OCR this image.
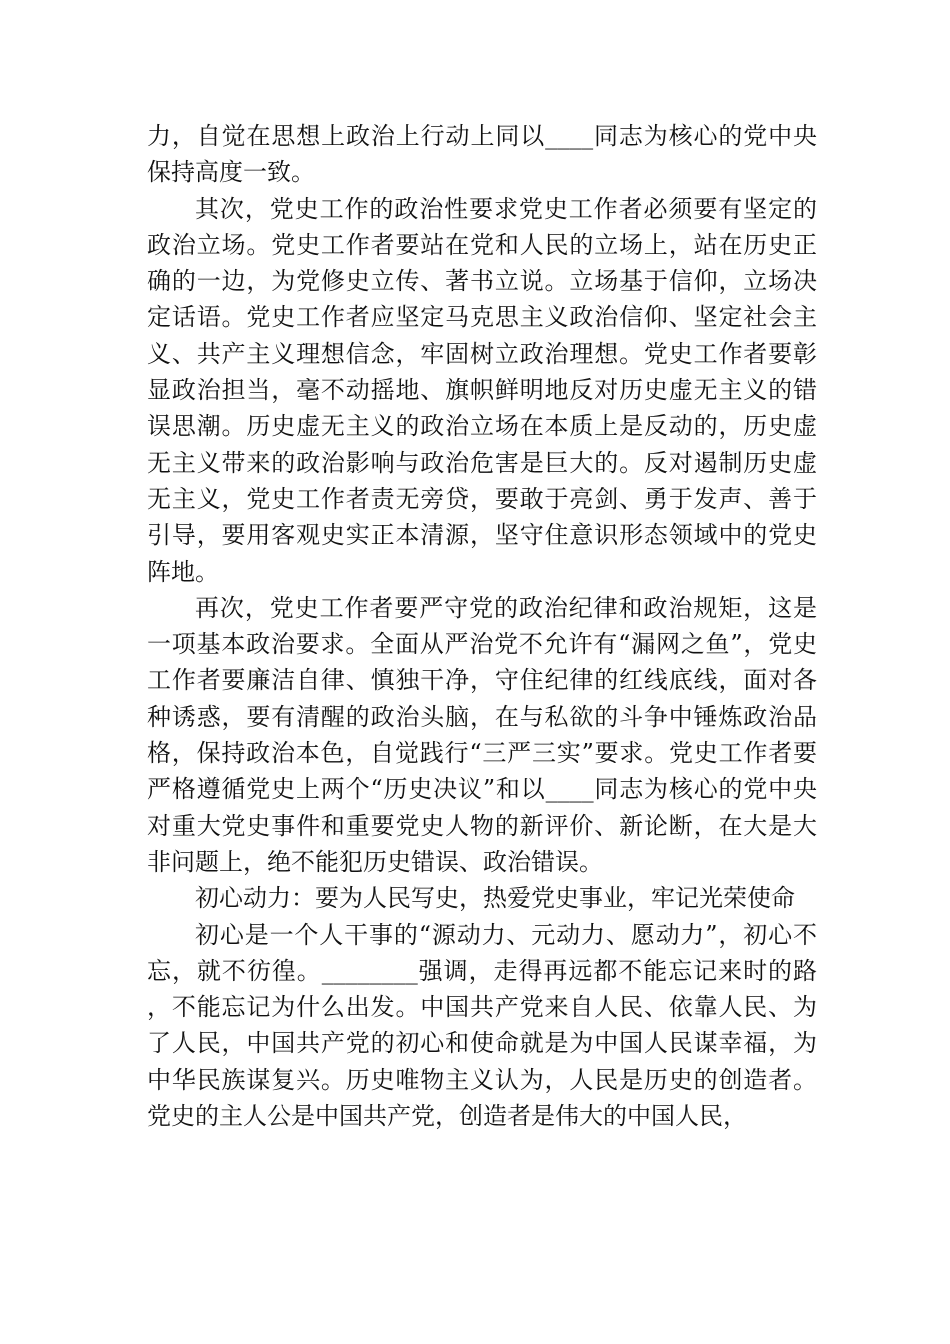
力，自觉在思想上政治上行动上同以____同志为核心的党中央保持高度一致。

其次，党史工作的政治性要求党史工作者必须要有坚定的政治立场。党史工作者要站在党和人民的立场上，站在历史正确的一边，为党修史立传、著书立说。立场基于信仰，立场决定话语。党史工作者应坚定马克思主义政治信仰、坚定社会主义、共产主义理想信念，牢固树立政治理想。党史工作者要彰显政治担当，毫不动摇地、旗帜鲜明地反对历史虚无主义的错误思潮。历史虚无主义的政治立场在本质上是反动的，历史虚无主义带来的政治影响与政治危害是巨大的。反对遏制历史虚无主义，党史工作者责无旁贷，要敢于亮剑、勇于发声、善于引导，要用客观史实正本清源，坚守住意识形态领域中的党史阵地。

再次，党史工作者要严守党的政治纪律和政治规矩，这是一项基本政治要求。全面从严治党不允许有“漏网之鱼”，党史工作者要廉洁自律、慎独干净，守住纪律的红线底线，面对各种诱惑，要有清醒的政治头脑，在与私欲的斗争中锤炼政治品格，保持政治本色，自觉践行“三严三实”要求。党史工作者要严格遵循党史上两个“历史决议”和以____同志为核心的党中央对重大党史事件和重要党史人物的新评价、新论断，在大是大非问题上，绝不能犯历史错误、政治错误。

初心动力：要为人民写史，热爱党史事业，牢记光荣使命

初心是一个人干事的“源动力、元动力、愿动力”，初心不忘，就不彷徨。________强调，走得再远都不能忘记来时的路，不能忘记为什么出发。中国共产党来自人民、依靠人民、为了人民，中国共产党的初心和使命就是为中国人民谋幸福，为中华民族谋复兴。历史唯物主义认为，人民是历史的创造者。党史的主人公是中国共产党，创造者是伟大的中国人民，
